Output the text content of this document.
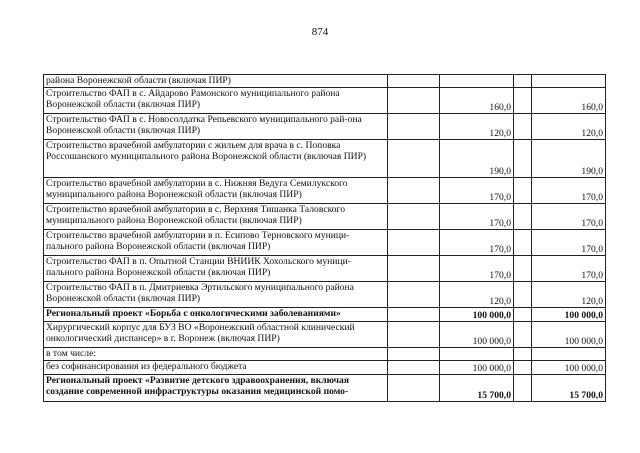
874
района Воронежской области (включая ПИР)				
Строительство ФАП в с. Айдарово Рамонского муниципального района Воронежской области (включая ПИР)		160,0		160,0
Строительство ФАП в с. Новосолдатка Репьевского муниципального рай-она Воронежской области (включая ПИР)		120,0		120,0
Строительство врачебной амбулатории с жильем для врача в с. Поповка Россошанского муниципального района Воронежской области (включая ПИР)		190,0		190,0
Строительство врачебной амбулатории в с. Нижняя Ведуга Семилукского муниципального района Воронежской области (включая ПИР)		170,0		170,0
Строительство врачебной амбулатории в с. Верхняя Тишанка Таловского муниципального района Воронежской области (включая ПИР)		170,0		170,0
Строительство врачебной амбулатории в п. Есипово Терновского муници-пального района Воронежской области (включая ПИР)		170,0		170,0
Строительство ФАП в п. Опытной Станции ВНИИК Хохольского муници-пального района Воронежской области (включая ПИР)		170,0		170,0
Строительство ФАП в п. Дмитриевка Эртильского муниципального района Воронежской области (включая ПИР)		120,0		120,0
Региональный проект «Борьба с онкологическими заболеваниями»		100 000,0		100 000,0
Хирургический корпус для БУЗ ВО «Воронежский областной клинический онкологический диспансер» в г. Воронеж (включая ПИР)		100 000,0		100 000,0
в том числе:				
без софинансирования из федерального бюджета		100 000,0		100 000,0
Региональный проект «Развитие детского здравоохранения, включая создание современной инфраструктуры оказания медицинской помо-		15 700,0		15 700,0
